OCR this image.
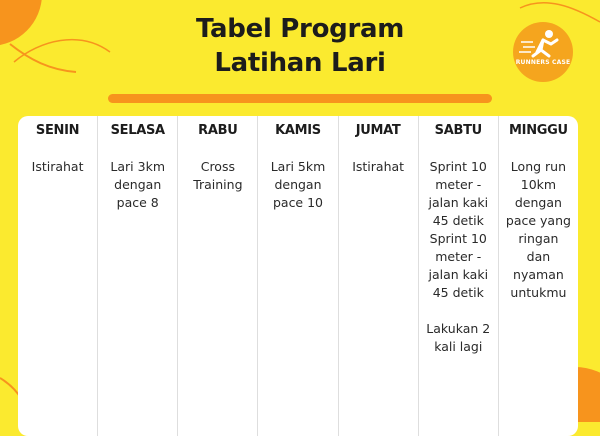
RUNNERS CASE
Tabel Program
Latihan Lari
SENIN

Istirahat

SELASA

Lari 3km dengan pace 8

RABU

Cross Training

KAMIS

Lari 5km dengan pace 10

JUMAT

Istirahat

SABTU

Sprint 10 meter - jalan kaki 45 detik Sprint 10 meter - jalan kaki 45 detik

Lakukan 2 kali lagi

MINGGU

Long run 10km dengan pace yang ringan dan nyaman untukmu
